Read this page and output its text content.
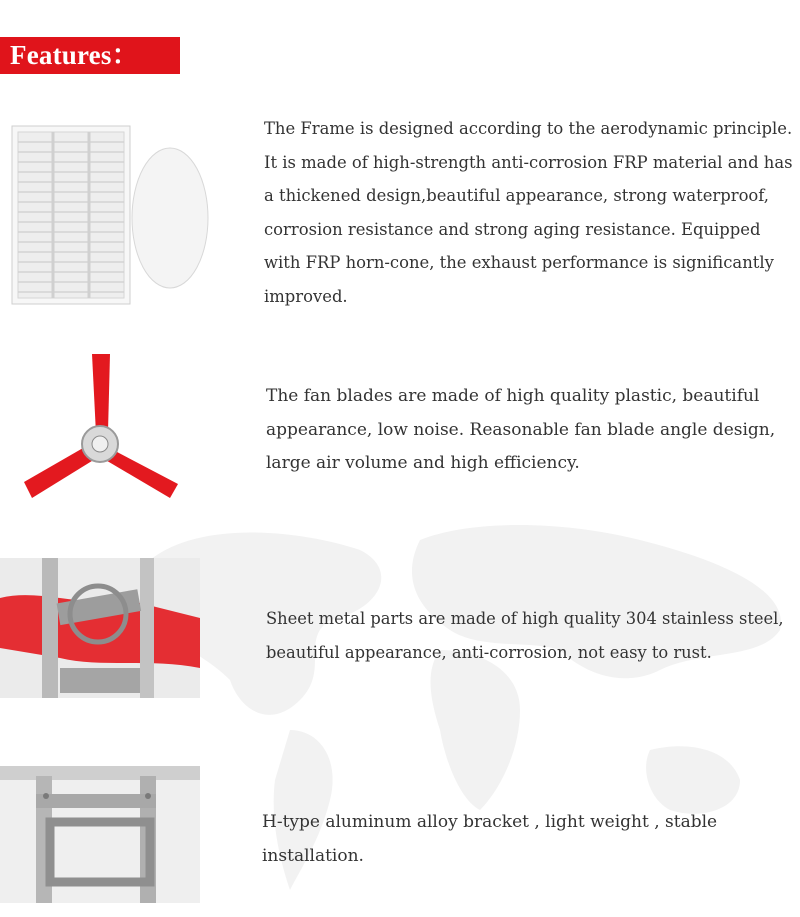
Features：

The Frame is designed according to the aerodynamic principle. It is made of high-strength anti-corrosion FRP material and has a thickened design,beautiful appearance, strong waterproof, corrosion resistance and strong aging resistance. Equipped with FRP horn-cone, the exhaust performance is significantly improved.

The fan blades are made of high quality plastic, beautiful appearance, low noise. Reasonable fan blade angle design, large air volume and high efficiency.

Sheet metal parts are made of high quality 304 stainless steel, beautiful appearance, anti-corrosion, not easy to rust.

H-type aluminum alloy bracket , light weight , stable installation.
